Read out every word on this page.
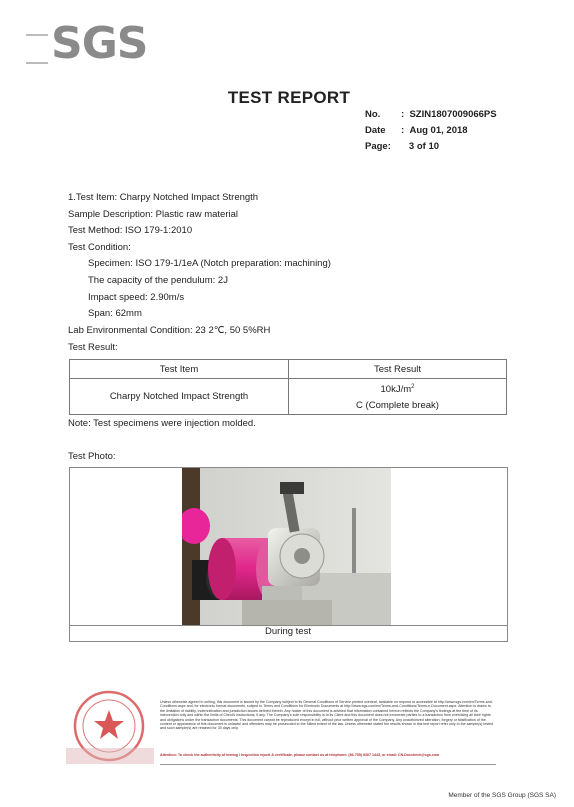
SGS
TEST REPORT
No. :  SZIN1807009066PS
Date :  Aug 01, 2018
Page: 3 of 10
1.Test Item: Charpy Notched Impact Strength
Sample Description: Plastic raw material
Test Method: ISO 179-1:2010
Test Condition:
Specimen: ISO 179-1/1eA (Notch preparation: machining)
The capacity of the pendulum: 2J
Impact speed: 2.90m/s
Span: 62mm
Lab Environmental Condition: 23 2℃, 50 5%RH
Test Result:
Test Item	Test Result
Charpy Notched Impact Strength	$10kJ/m^2$
C (Complete break)
Note: Test specimens were injection molded.
Test Photo:
During test
Unless otherwise agreed in writing, this document is issued by the Company subject to its General Conditions of Service printed overleaf, available on request or accessible at http://www.sgs.com/en/Terms-and-Conditions.aspx and, for electronic format documents, subject to Terms and Conditions for Electronic Documents at http://www.sgs.com/en/Terms-and-Conditions/Terms-e-Document.aspx. Attention is drawn to the limitation of liability, indemnification and jurisdiction issues defined therein. Any holder of this document is advised that information contained hereon reflects the Company's findings at the time of its intervention only and within the limits of Client's instructions, if any. The Company's sole responsibility is to its Client and this document does not exonerate parties to a transaction from exercising all their rights and obligations under the transaction documents. This document cannot be reproduced except in full, without prior written approval of the Company. Any unauthorized alteration, forgery or falsification of the content or appearance of this document is unlawful and offenders may be prosecuted to the fullest extent of the law. Unless otherwise stated the results shown in this test report refer only to the sample(s) tested and such sample(s) are retained for 30 days only.
Attention: To check the authenticity of testing / inspection report & certificate, please contact us at telephone: (86-755) 8307 1443, or email: CN.Doccheck@sgs.com
Member of the SGS Group (SGS SA)
